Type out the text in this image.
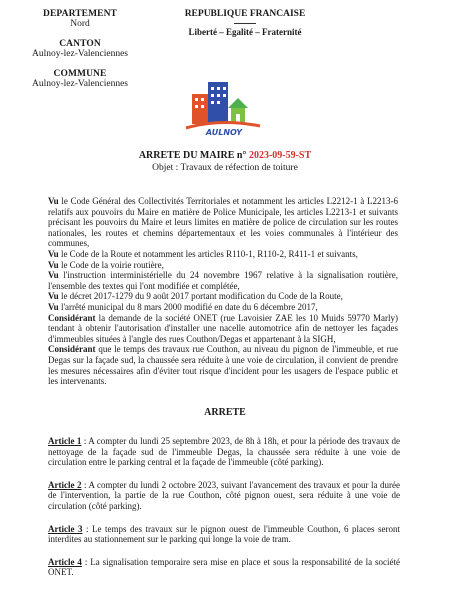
DEPARTEMENT
Nord
CANTON
Aulnoy-lez-Valenciennes
COMMUNE
Aulnoy-lez-Valenciennes
REPUBLIQUE FRANCAISE
Liberté – Egalité – Fraternité
AULNOY
ARRETE DU MAIRE n° 2023-09-59-ST
Objet : Travaux de réfection de toiture

Vu le Code Général des Collectivités Territoriales et notamment les articles L2212-1 à L2213-6 relatifs aux pouvoirs du Maire en matière de Police Municipale, les articles L2213-1 et suivants précisant les pouvoirs du Maire et leurs limites en matière de police de circulation sur les routes nationales, les routes et chemins départementaux et les voies communales à l'intérieur des communes,

Vu le Code de la Route et notamment les articles R110-1, R110-2, R411-1 et suivants,

Vu le Code de la voirie routière,

Vu l'instruction interministérielle du 24 novembre 1967 relative à la signalisation routière, l'ensemble des textes qui l'ont modifiée et complétée,

Vu le décret 2017-1279 du 9 août 2017 portant modification du Code de la Route,

Vu l'arrêté municipal du 8 mars 2000 modifié en date du 6 décembre 2017,

Considérant la demande de la société ONET (rue Lavoisier ZAE les 10 Muids 59770 Marly) tendant à obtenir l'autorisation d'installer une nacelle automotrice afin de nettoyer les façades d'immeubles situées à l'angle des rues Couthon/Degas et appartenant à la SIGH,

Considérant que le temps des travaux rue Couthon, au niveau du pignon de l'immeuble, et rue Degas sur la façade sud, la chaussée sera réduite à une voie de circulation, il convient de prendre les mesures nécessaires afin d'éviter tout risque d'incident pour les usagers de l'espace public et les intervenants.

ARRETE

Article 1 : A compter du lundi 25 septembre 2023, de 8h à 18h, et pour la période des travaux de nettoyage de la façade sud de l'immeuble Degas, la chaussée sera réduite à une voie de circulation entre le parking central et la façade de l'immeuble (côté parking).

Article 2 : A compter du lundi 2 octobre 2023, suivant l'avancement des travaux et pour la durée de l'intervention, la partie de la rue Couthon, côté pignon ouest, sera réduite à une voie de circulation (côté parking).

Article 3 : Le temps des travaux sur le pignon ouest de l'immeuble Couthon, 6 places seront interdites au stationnement sur le parking qui longe la voie de tram.

Article 4 : La signalisation temporaire sera mise en place et sous la responsabilité de la société ONET.
